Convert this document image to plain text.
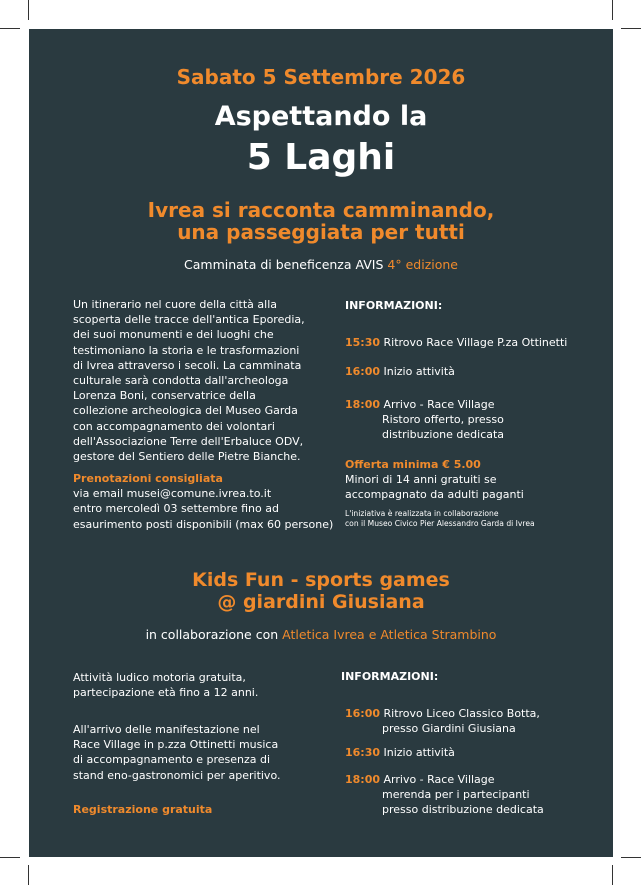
Sabato 5 Settembre 2026
Aspettando la
5 Laghi
Ivrea si racconta camminando,
una passeggiata per tutti
Camminata di beneficenza AVIS 4° edizione
Un itinerario nel cuore della città alla
scoperta delle tracce dell'antica Eporedia,
dei suoi monumenti e dei luoghi che
testimoniano la storia e le trasformazioni
di Ivrea attraverso i secoli. La camminata
culturale sarà condotta dall'archeologa
Lorenza Boni, conservatrice della
collezione archeologica del Museo Garda
con accompagnamento dei volontari
dell'Associazione Terre dell'Erbaluce ODV,
gestore del Sentiero delle Pietre Bianche.
Prenotazioni consigliata
via email musei@comune.ivrea.to.it
entro mercoledì 03 settembre fino ad
esaurimento posti disponibili (max 60 persone)
INFORMAZIONI:
15:30 Ritrovo Race Village P.za Ottinetti
16:00 Inizio attività
18:00 Arrivo - Race Village
Ristoro offerto, presso
distribuzione dedicata
Offerta minima € 5.00
Minori di 14 anni gratuiti se
accompagnato da adulti paganti
L'iniziativa è realizzata in collaborazione
con il Museo Civico Pier Alessandro Garda di Ivrea
Kids Fun - sports games
@ giardini Giusiana
in collaborazione con Atletica Ivrea e Atletica Strambino
Attività ludico motoria gratuita,
partecipazione età fino a 12 anni.
All'arrivo delle manifestazione nel
Race Village in p.zza Ottinetti musica
di accompagnamento e presenza di
stand eno-gastronomici per aperitivo.
Registrazione gratuita
INFORMAZIONI:
16:00 Ritrovo Liceo Classico Botta,
presso Giardini Giusiana
16:30 Inizio attività
18:00 Arrivo - Race Village
merenda per i partecipanti
presso distribuzione dedicata
